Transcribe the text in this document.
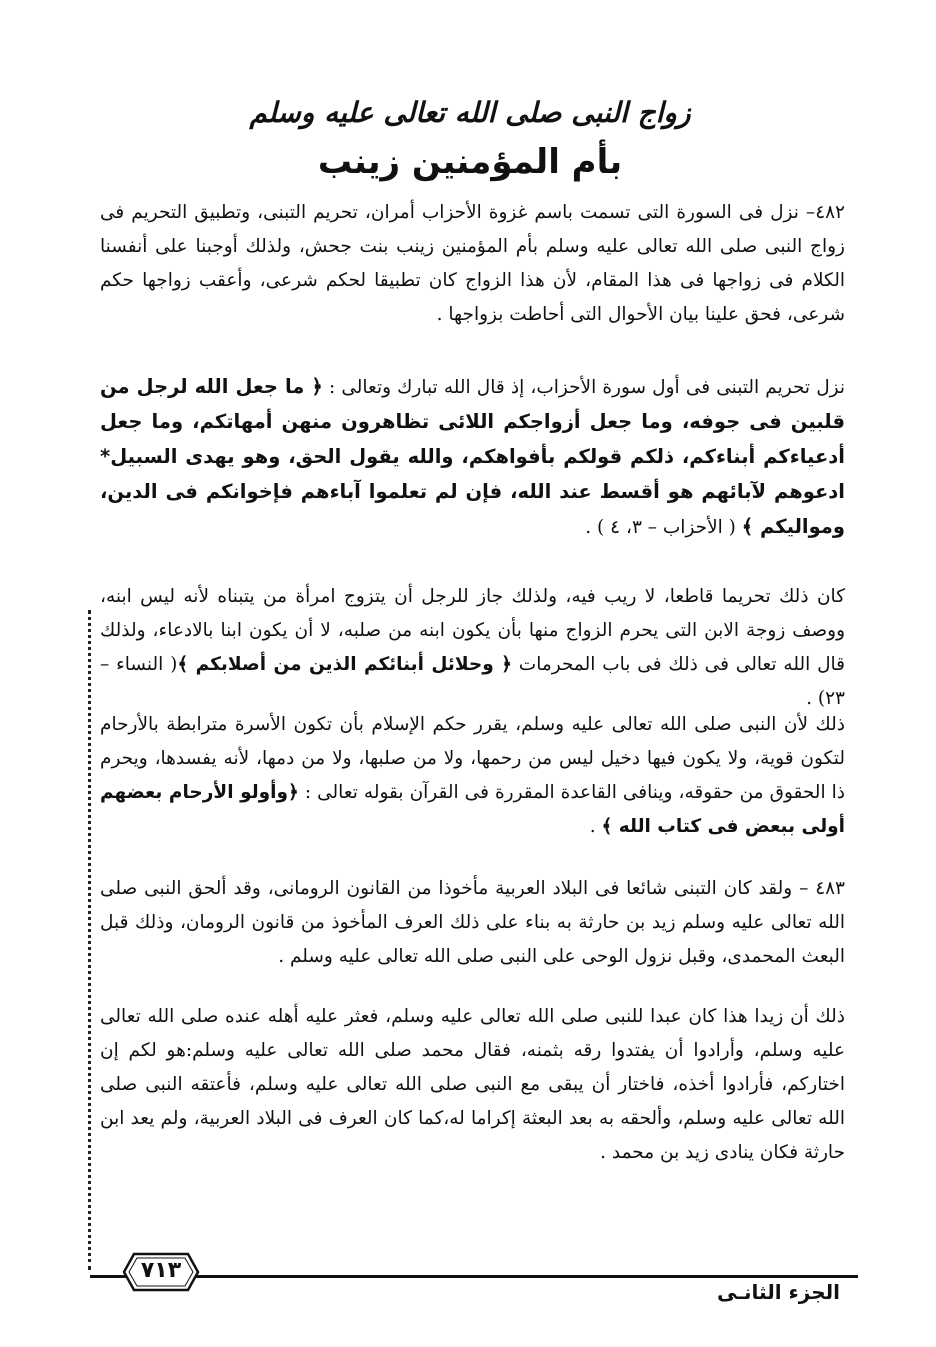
زواج النبى صلى الله تعالى عليه وسلم
بأم المؤمنين زينب

٤٨٢– نزل فى السورة التى تسمت باسم غزوة الأحزاب أمران، تحريم التبنى، وتطبيق التحريم فى زواج النبى صلى الله تعالى عليه وسلم بأم المؤمنين زينب بنت جحش، ولذلك أوجبنا على أنفسنا الكلام فى زواجها فى هذا المقام، لأن هذا الزواج كان تطبيقا لحكم شرعى، وأعقب زواجها حكم شرعى، فحق علينا بيان الأحوال التى أحاطت بزواجها .

نزل تحريم التبنى فى أول سورة الأحزاب، إذ قال الله تبارك وتعالى : ﴿ ما جعل الله لرجل من قلبين فى جوفه، وما جعل أزواجكم اللائى تظاهرون منهن أمهاتكم، وما جعل أدعياءكم أبناءكم، ذلكم قولكم بأفواهكم، والله يقول الحق، وهو يهدى السبيل* ادعوهم لآبائهم هو أقسط عند الله، فإن لم تعلموا آباءهم فإخوانكم فى الدين، ومواليكم ﴾ ( الأحزاب – ٣، ٤ ) .

كان ذلك تحريما قاطعا، لا ريب فيه، ولذلك جاز للرجل أن يتزوج امرأة من يتبناه لأنه ليس ابنه، ووصف زوجة الابن التى يحرم الزواج منها بأن يكون ابنه من صلبه، لا أن يكون ابنا بالادعاء، ولذلك قال الله تعالى فى ذلك فى باب المحرمات ﴿ وحلائل أبنائكم الذين من أصلابكم ﴾( النساء – ٢٣) .

ذلك لأن النبى صلى الله تعالى عليه وسلم، يقرر حكم الإسلام بأن تكون الأسرة مترابطة بالأرحام لتكون قوية، ولا يكون فيها دخيل ليس من رحمها، ولا من صلبها، ولا من دمها، لأنه يفسدها، ويحرم ذا الحقوق من حقوقه، وينافى القاعدة المقررة فى القرآن بقوله تعالى : ﴿وأولو الأرحام بعضهم أولى ببعض فى كتاب الله ﴾ .

٤٨٣ – ولقد كان التبنى شائعا فى البلاد العربية مأخوذا من القانون الرومانى، وقد ألحق النبى صلى الله تعالى عليه وسلم زيد بن حارثة به بناء على ذلك العرف المأخوذ من قانون الرومان، وذلك قبل البعث المحمدى، وقبل نزول الوحى على النبى صلى الله تعالى عليه وسلم .

ذلك أن زيدا هذا كان عبدا للنبى صلى الله تعالى عليه وسلم، فعثر عليه أهله عنده صلى الله تعالى عليه وسلم، وأرادوا أن يفتدوا رقه بثمنه، فقال محمد صلى الله تعالى عليه وسلم:هو لكم إن اختاركم، فأرادوا أخذه، فاختار أن يبقى مع النبى صلى الله تعالى عليه وسلم، فأعتقه النبى صلى الله تعالى عليه وسلم، وألحقه به بعد البعثة إكراما له،كما كان العرف فى البلاد العربية، ولم يعد ابن حارثة فكان ينادى زيد بن محمد .

٧١٣
الجزء الثانـى
